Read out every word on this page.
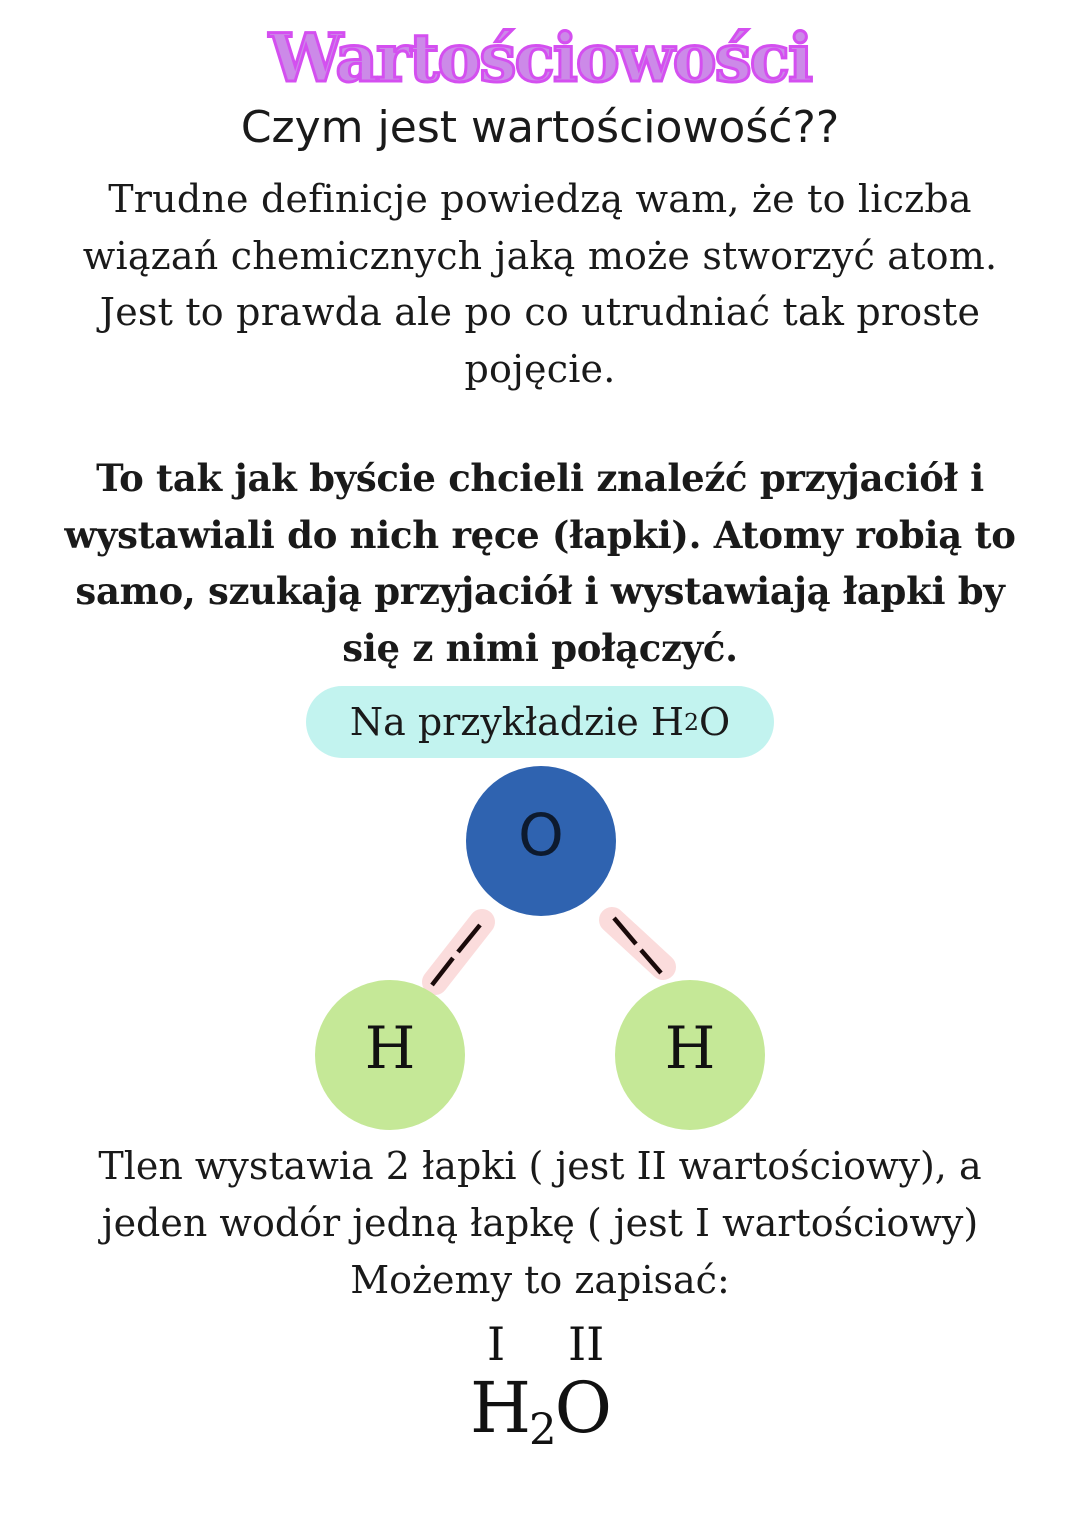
Wartościowości
Czym jest wartościowość??
Trudne definicje powiedzą wam, że to liczba
wiązań chemicznych jaką może stworzyć atom.
Jest to prawda ale po co utrudniać tak proste
pojęcie.
To tak jak byście chcieli znaleźć przyjaciół i
wystawiali do nich ręce (łapki). Atomy robią to
samo, szukają przyjaciół i wystawiają łapki by
się z nimi połączyć.
Na przykładzie H 2 O
O
H	H
Tlen wystawia 2 łapki ( jest II wartościowy), a
jeden wodór jedną łapkę ( jest I wartościowy)
Możemy to zapisać:
I II
$H_2O$
